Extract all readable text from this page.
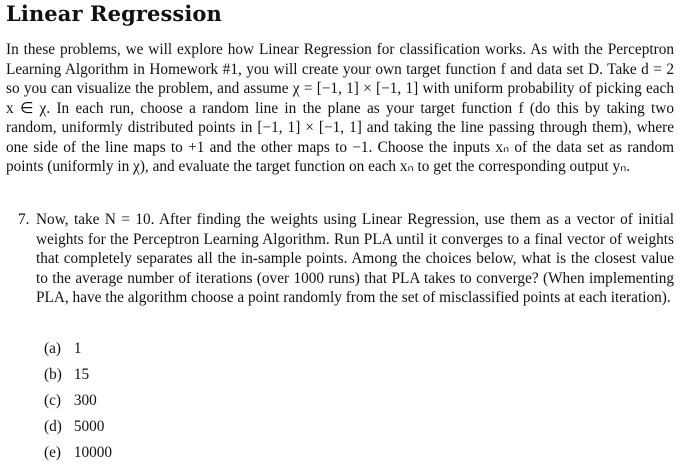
Linear Regression
In these problems, we will explore how Linear Regression for classification works. As with the Perceptron Learning Algorithm in Homework #1, you will create your own target function f and data set D. Take d = 2 so you can visualize the problem, and assume χ = [−1, 1] × [−1, 1] with uniform probability of picking each x ∈ χ. In each run, choose a random line in the plane as your target function f (do this by taking two random, uniformly distributed points in [−1, 1] × [−1, 1] and taking the line passing through them), where one side of the line maps to +1 and the other maps to −1. Choose the inputs xₙ of the data set as random points (uniformly in χ), and evaluate the target function on each xₙ to get the corresponding output yₙ.
7. Now, take N = 10. After finding the weights using Linear Regression, use them as a vector of initial weights for the Perceptron Learning Algorithm. Run PLA until it converges to a final vector of weights that completely separates all the in-sample points. Among the choices below, what is the closest value to the average number of iterations (over 1000 runs) that PLA takes to converge? (When implementing PLA, have the algorithm choose a point randomly from the set of misclassified points at each iteration).
(a) 1
(b) 15
(c) 300
(d) 5000
(e) 10000
